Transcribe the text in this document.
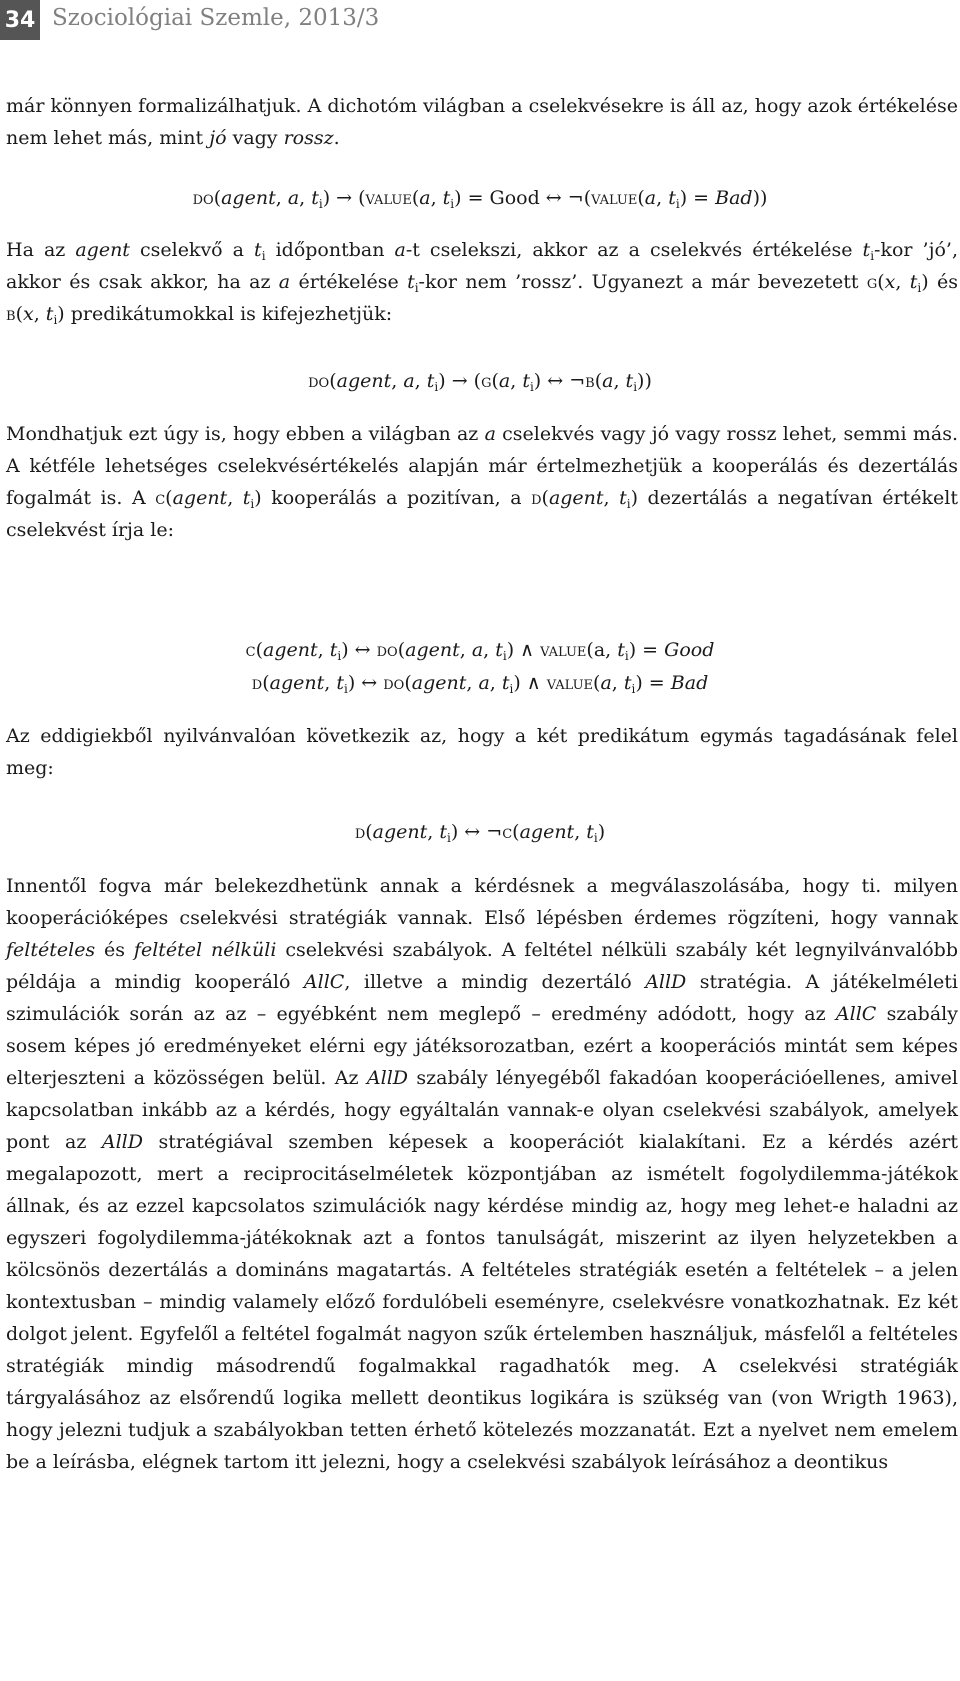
34 Szociológiai Szemle, 2013/3

már könnyen formalizálhatjuk. A dichotóm világban a cselekvésekre is áll az, hogy azok értékelése nem lehet más, mint jó vagy rossz.

do(agent, a, $t_i$) → (value(a, $t_i$) = Good ↔ ¬(value(a, $t_i) = Bad$))

Ha az agent cselekvő a $t_i$ időpontban a-t cselekszi, akkor az a cselekvés értékelése $t_i$-kor ’jó’, akkor és csak akkor, ha az a értékelése $t_i$-kor nem ’rossz’. Ugyanezt a már bevezetett g(x, $t_i$) és b(x, $t_i$) predikátumokkal is kifejezhetjük:

do(agent, a, $t_i) \to (g(a$, $t_i$) ↔ ¬b(a, $t_i$))

Mondhatjuk ezt úgy is, hogy ebben a világban az a cselekvés vagy jó vagy rossz lehet, semmi más. A kétféle lehetséges cselekvésértékelés alapján már értelmezhetjük a kooperálás és dezertálás fogalmát is. A c(agent, $t_i$) kooperálás a pozitívan, a d(agent, $t_i$) dezertálás a negatívan értékelt cselekvést írja le:

c(agent, $t_i$) ↔ do(agent, a, $t_i$) ∧ value(a, $t_i$) = Good
d(agent, $t_i$) ↔ do(agent, a, $t_i$) ∧ value(a, $t_i$) = Bad

Az eddigiekből nyilvánvalóan következik az, hogy a két predikátum egymás tagadásának felel meg:

d(agent, $t_i$) ↔ ¬c(agent, $t_i$)

Innentől fogva már belekezdhetünk annak a kérdésnek a megválaszolásába, hogy ti. milyen kooperációképes cselekvési stratégiák vannak. Első lépésben érdemes rögzíteni, hogy vannak feltételes és feltétel nélküli cselekvési szabályok. A feltétel nélküli szabály két legnyilvánvalóbb példája a mindig kooperáló AllC, illetve a mindig dezertáló AllD stratégia. A játékelméleti szimulációk során az az – egyébként nem meglepő – eredmény adódott, hogy az AllC szabály sosem képes jó eredményeket elérni egy játéksorozatban, ezért a kooperációs mintát sem képes elterjeszteni a közösségen belül. Az AllD szabály lényegéből fakadóan kooperációellenes, amivel kapcsolatban inkább az a kérdés, hogy egyáltalán vannak-e olyan cselekvési szabályok, amelyek pont az AllD stratégiával szemben képesek a kooperációt kialakítani. Ez a kérdés azért megalapozott, mert a reciprocitáselméletek központjában az ismételt fogolydilemma-játékok állnak, és az ezzel kapcsolatos szimulációk nagy kérdése mindig az, hogy meg lehet-e haladni az egyszeri fogolydilemma-játékoknak azt a fontos tanulságát, miszerint az ilyen helyzetekben a kölcsönös dezertálás a domináns magatartás. A feltételes stratégiák esetén a feltételek – a jelen kontextusban – mindig valamely előző fordulóbeli eseményre, cselekvésre vonatkozhatnak. Ez két dolgot jelent. Egyfelől a feltétel fogalmát nagyon szűk értelemben használjuk, másfelől a feltételes stratégiák mindig másodrendű fogalmakkal ragadhatók meg. A cselekvési stratégiák tárgyalásához az elsőrendű logika mellett deontikus logikára is szükség van (von Wrigth 1963), hogy jelezni tudjuk a szabályokban tetten érhető kötelezés mozzanatát. Ezt a nyelvet nem emelem be a leírásba, elégnek tartom itt jelezni, hogy a cselekvési szabályok leírásához a deontikus
